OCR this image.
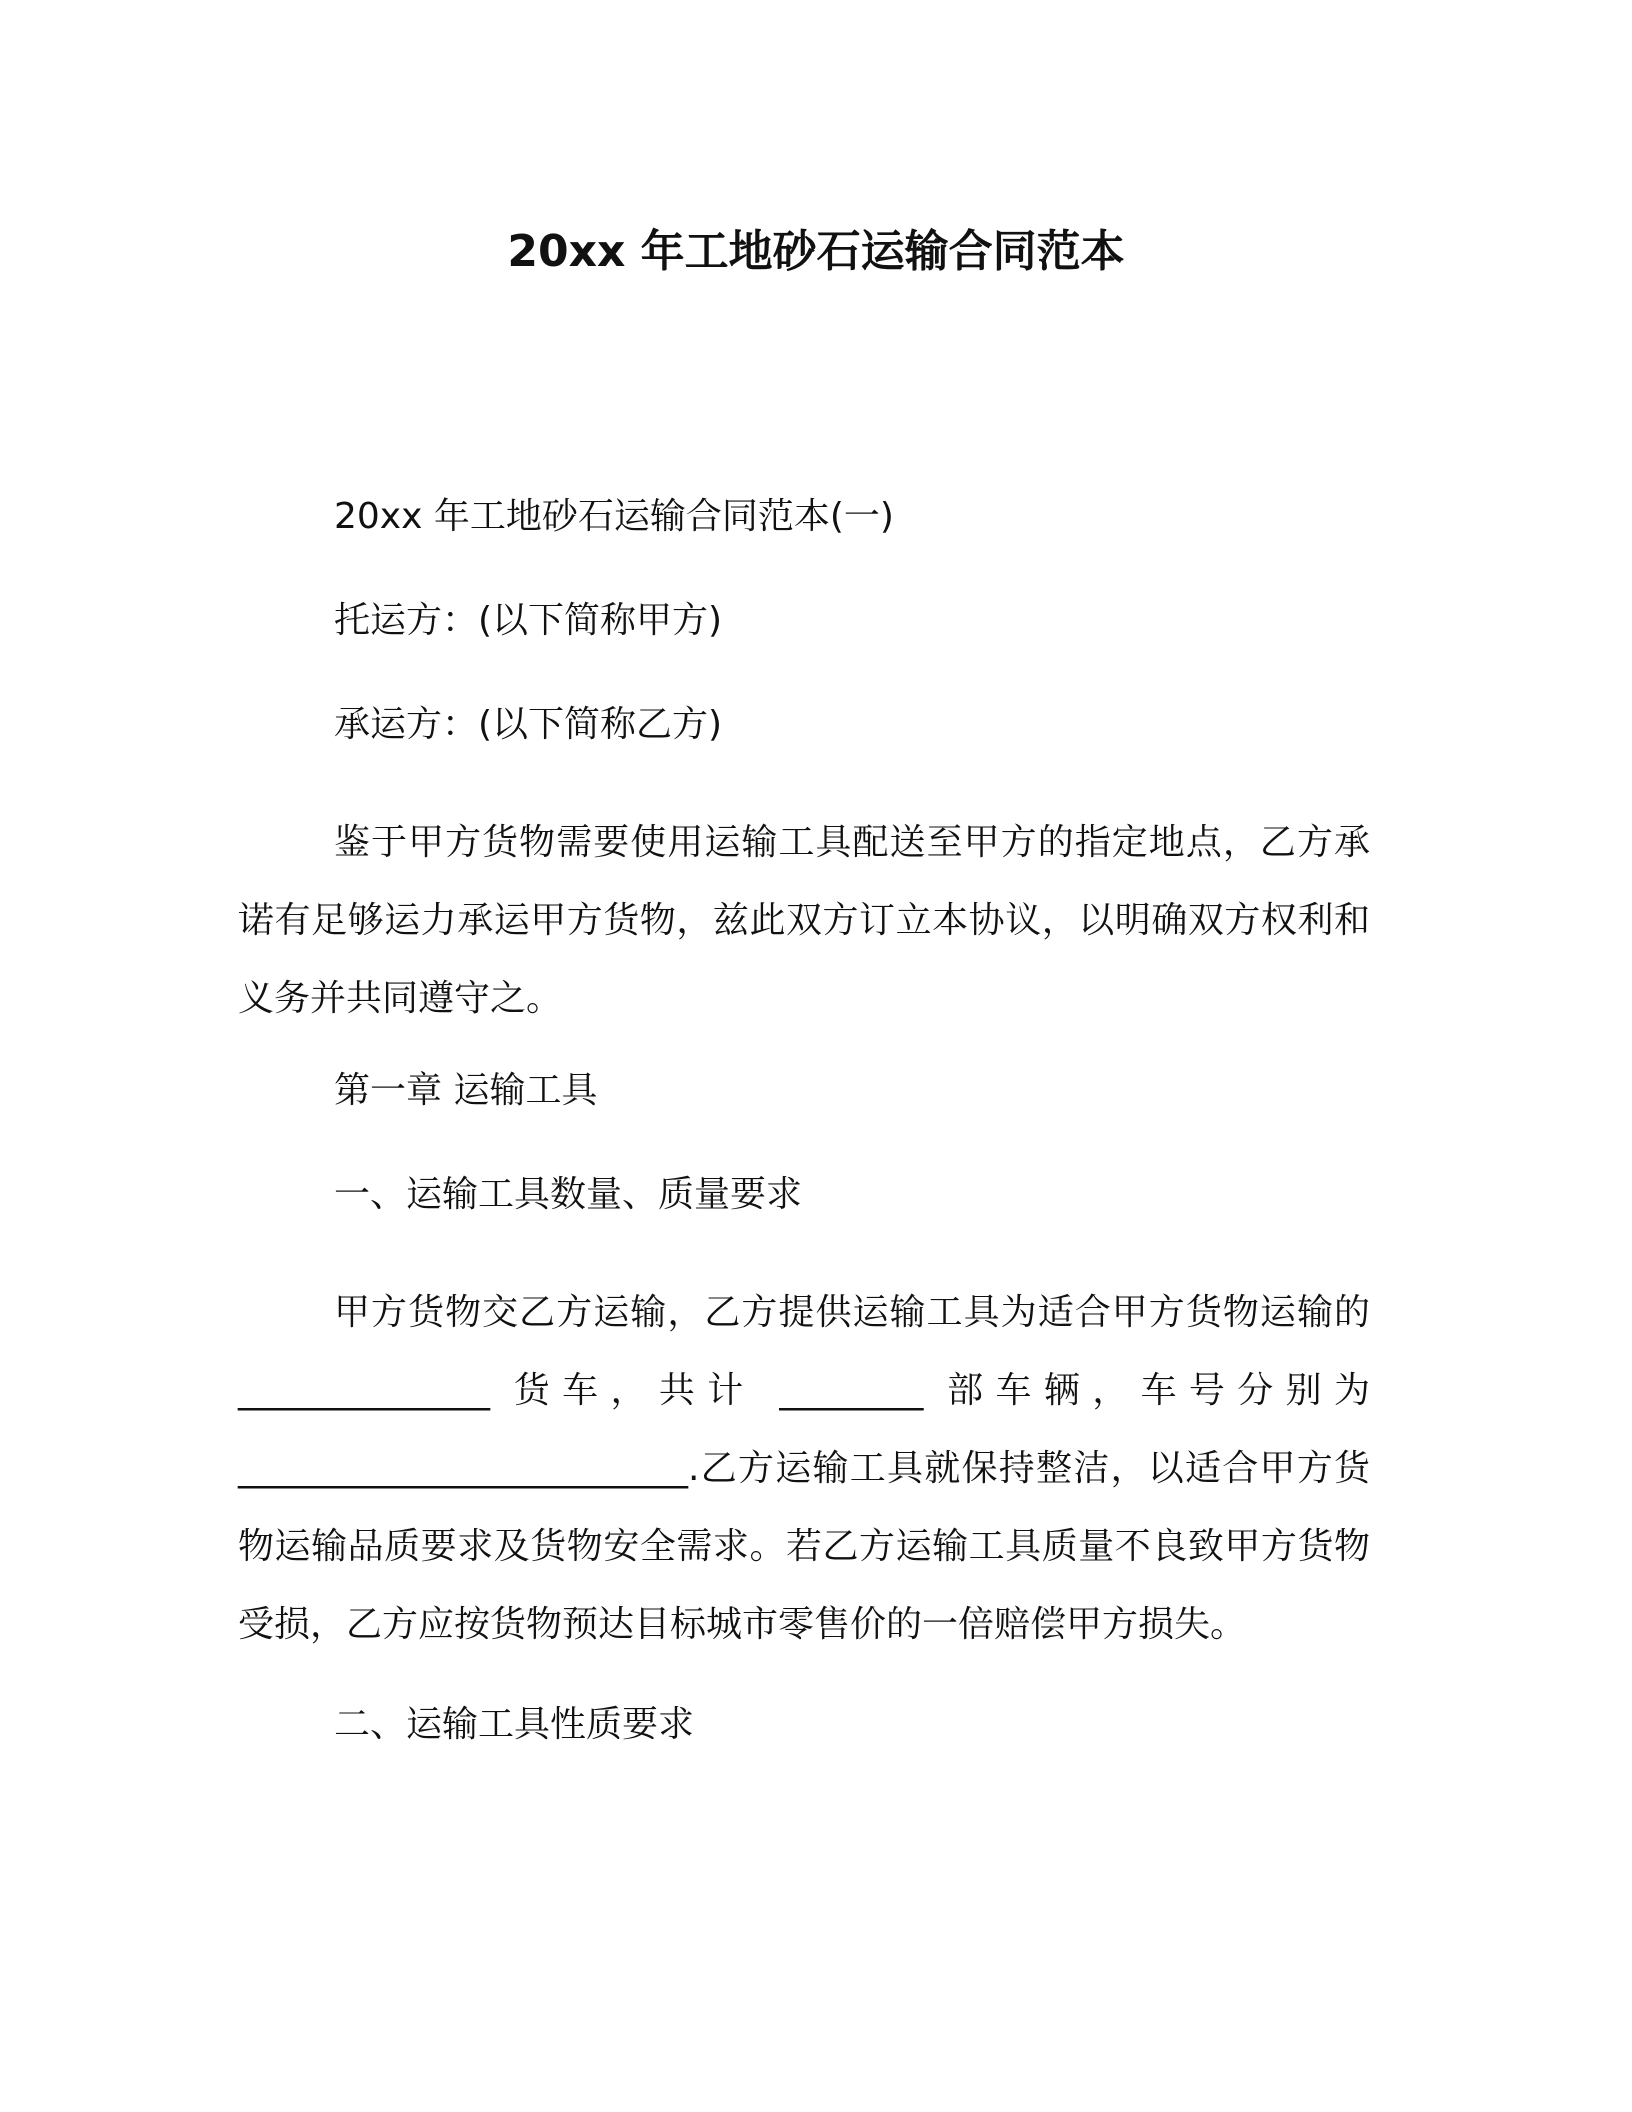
20xx 年工地砂石运输合同范本
20xx 年工地砂石运输合同范本(一)
托运方：(以下简称甲方)
承运方：(以下简称乙方)
鉴于甲方货物需要使用运输工具配送至甲方的指定地点，乙方承诺有足够运力承运甲方货物，兹此双方订立本协议，以明确双方权利和义务并共同遵守之。
第一章 运输工具
一、运输工具数量、质量要求
甲方货物交乙方运输，乙方提供运输工具为适合甲方货物运输的______________ 货车，共计 ________ 部车辆，车号分别为_________________________.乙方运输工具就保持整洁，以适合甲方货物运输品质要求及货物安全需求。若乙方运输工具质量不良致甲方货物受损，乙方应按货物预达目标城市零售价的一倍赔偿甲方损失。
二、运输工具性质要求
